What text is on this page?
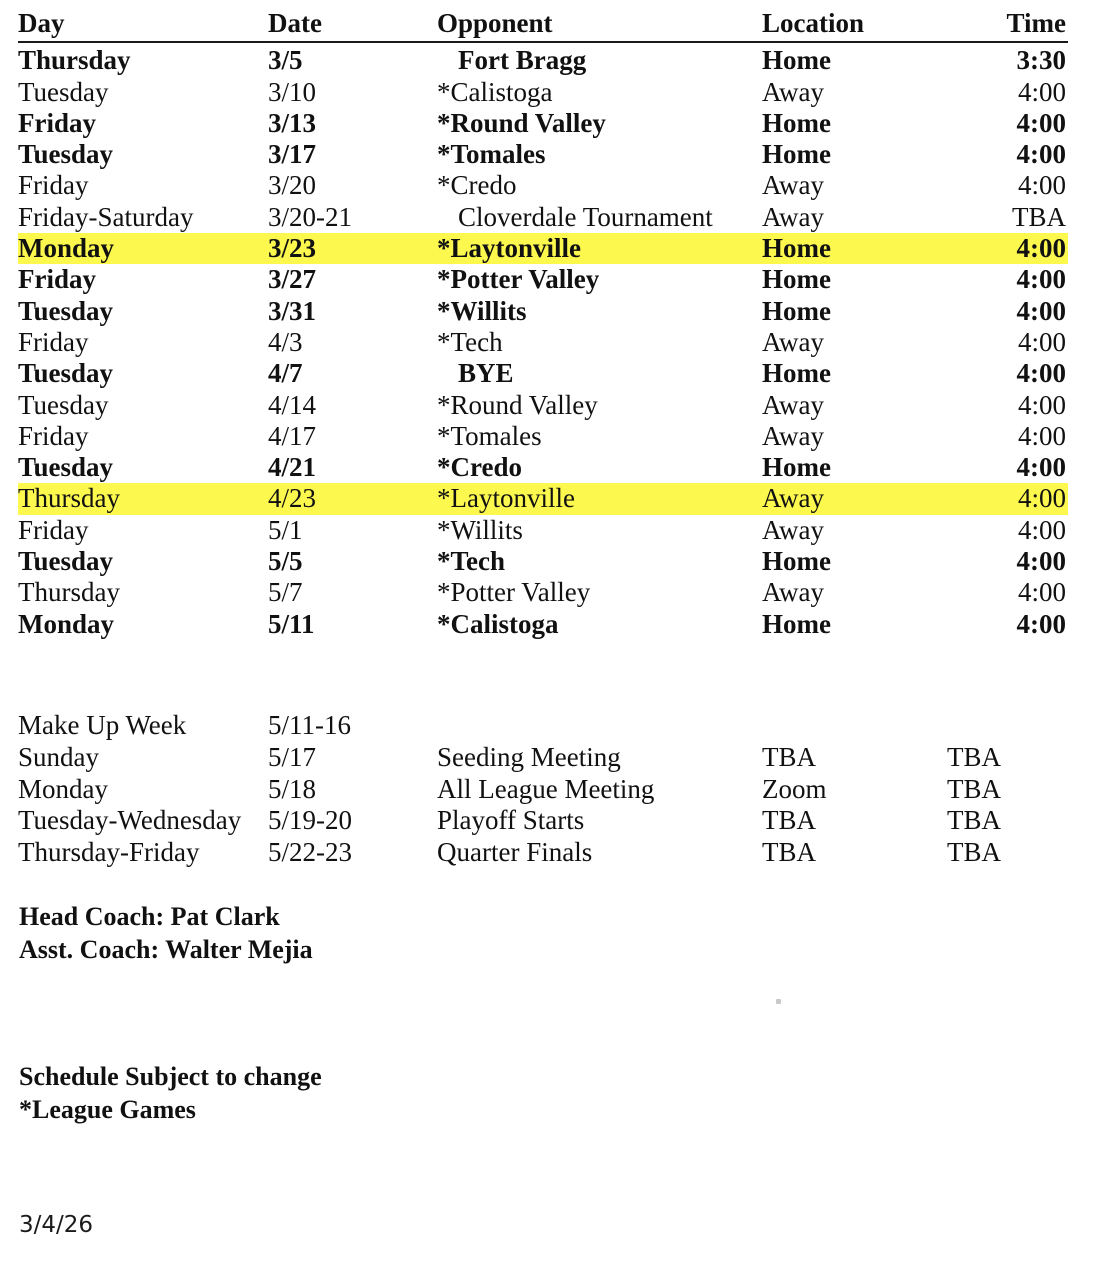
Day	Date	Opponent	Location	Time
Thursday	3/5	Fort Bragg	Home	3:30
Tuesday	3/10	*Calistoga	Away	4:00
Friday	3/13	*Round Valley	Home	4:00
Tuesday	3/17	*Tomales	Home	4:00
Friday	3/20	*Credo	Away	4:00
Friday-Saturday	3/20-21	Cloverdale Tournament	Away	TBA
Monday	3/23	*Laytonville	Home	4:00
Friday	3/27	*Potter Valley	Home	4:00
Tuesday	3/31	*Willits	Home	4:00
Friday	4/3	*Tech	Away	4:00
Tuesday	4/7	BYE	Home	4:00
Tuesday	4/14	*Round Valley	Away	4:00
Friday	4/17	*Tomales	Away	4:00
Tuesday	4/21	*Credo	Home	4:00
Thursday	4/23	*Laytonville	Away	4:00
Friday	5/1	*Willits	Away	4:00
Tuesday	5/5	*Tech	Home	4:00
Thursday	5/7	*Potter Valley	Away	4:00
Monday	5/11	*Calistoga	Home	4:00
Make Up Week	5/11-16			
Sunday	5/17	Seeding Meeting	TBA	TBA
Monday	5/18	All League Meeting	Zoom	TBA
Tuesday-Wednesday	5/19-20	Playoff Starts	TBA	TBA
Thursday-Friday	5/22-23	Quarter Finals	TBA	TBA
Head Coach: Pat Clark
Asst. Coach: Walter Mejia
Schedule Subject to change
*League Games
3/4/26
